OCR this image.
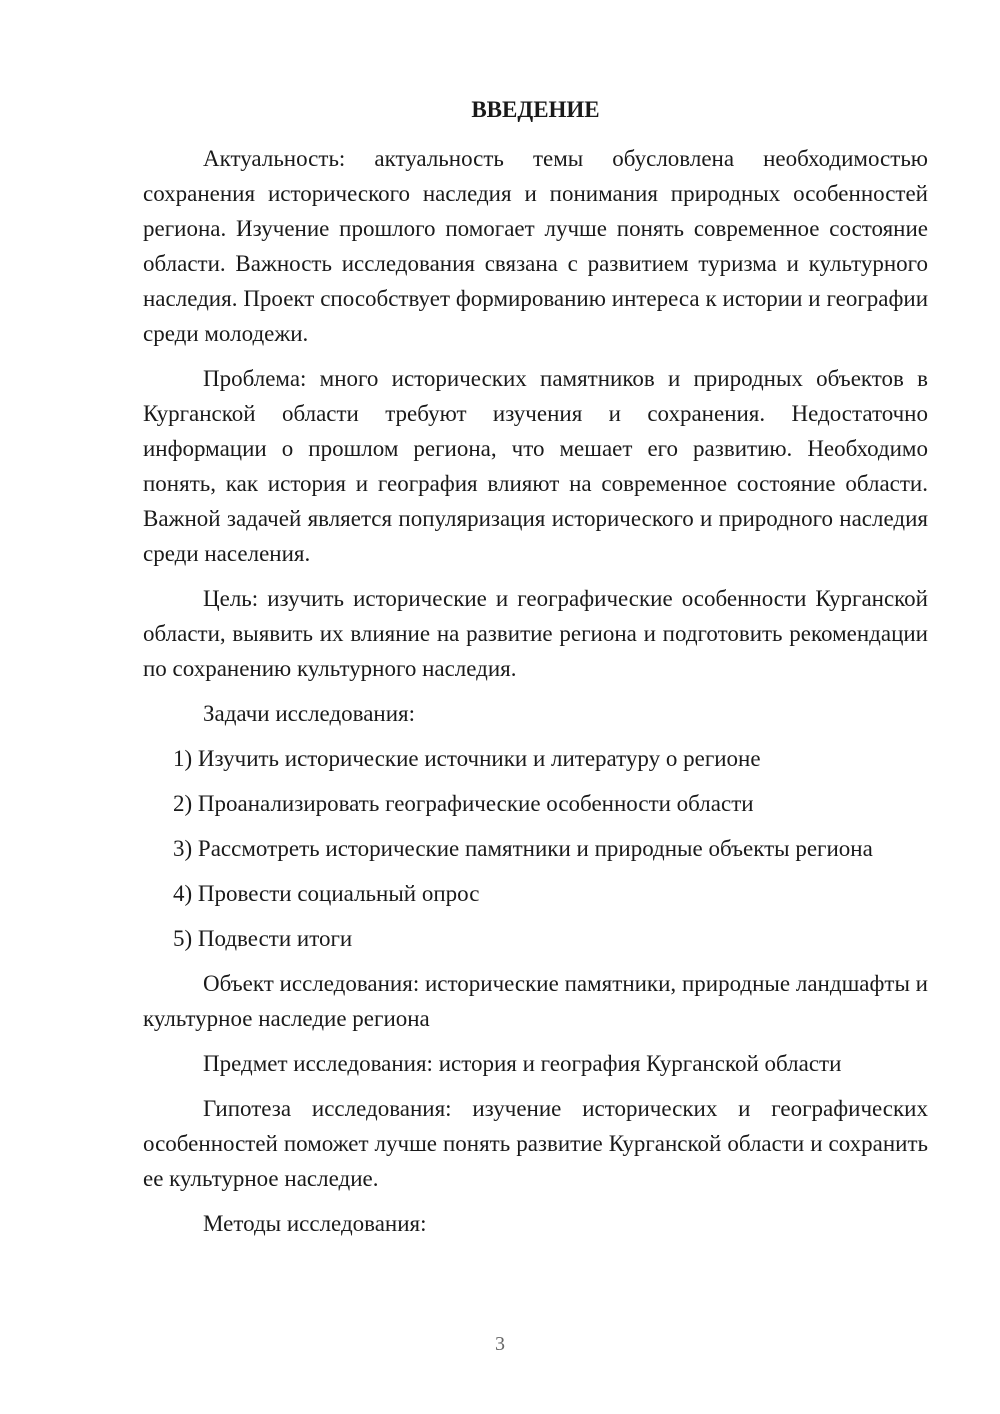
ВВЕДЕНИЕ

Актуальность: актуальность темы обусловлена необходимостью сохранения исторического наследия и понимания природных особенностей региона. Изучение прошлого помогает лучше понять современное состояние области. Важность исследования связана с развитием туризма и культурного наследия. Проект способствует формированию интереса к истории и географии среди молодежи.

Проблема: много исторических памятников и природных объектов в Курганской области требуют изучения и сохранения. Недостаточно информации о прошлом региона, что мешает его развитию. Необходимо понять, как история и география влияют на современное состояние области. Важной задачей является популяризация исторического и природного наследия среди населения.

Цель: изучить исторические и географические особенности Курганской области, выявить их влияние на развитие региона и подготовить рекомендации по сохранению культурного наследия.

Задачи исследования:

1) Изучить исторические источники и литературу о регионе

2) Проанализировать географические особенности области

3) Рассмотреть исторические памятники и природные объекты региона

4) Провести социальный опрос

5) Подвести итоги

Объект исследования: исторические памятники, природные ландшафты и культурное наследие региона

Предмет исследования: история и география Курганской области

Гипотеза исследования: изучение исторических и географических особенностей поможет лучше понять развитие Курганской области и сохранить ее культурное наследие.

Методы исследования:

3
